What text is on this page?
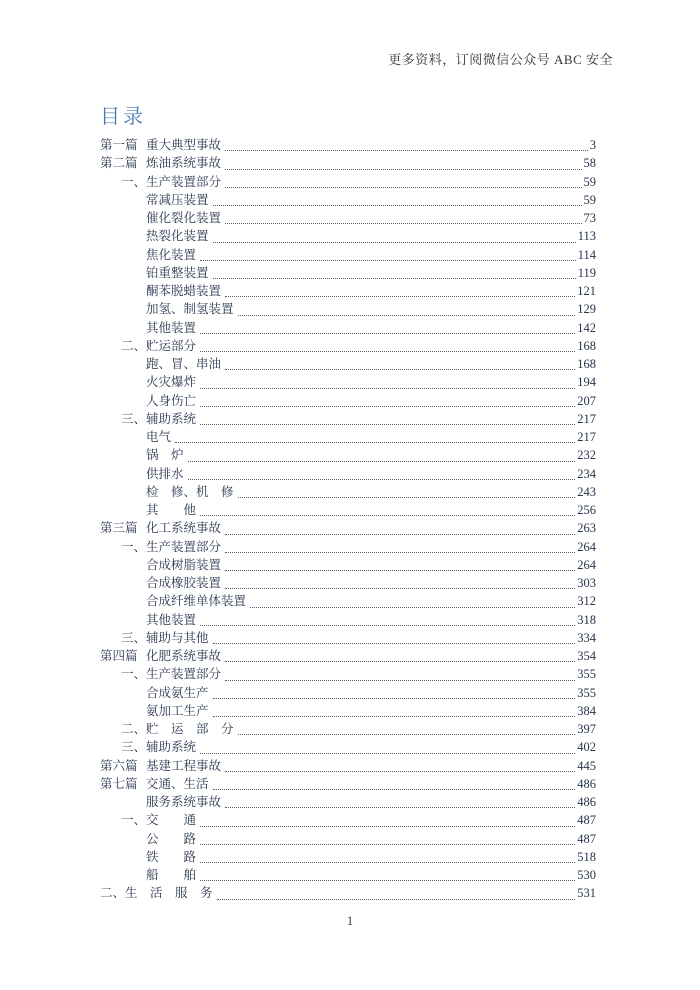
更多资料，订阅微信公众号 ABC 安全
目录
第一篇 重大典型事故	3
第二篇 炼油系统事故	58
一、 生产装置部分	59
常减压装置	59
催化裂化装置	73
热裂化装置	113
焦化装置	114
铂重整装置	119
酮苯脱蜡装置	121
加氢、制氢装置	129
其他装置	142
二、 贮运部分	168
跑、冒、串油	168
火灾爆炸	194
人身伤亡	207
三、 辅助系统	217
电气	217
锅　炉	232
供排水	234
检　修、机　修	243
其　　他	256
第三篇 化工系统事故	263
一、 生产装置部分	264
合成树脂装置	264
合成橡胶装置	303
合成纤维单体装置	312
其他装置	318
三、 辅助与其他	334
第四篇 化肥系统事故	354
一、 生产装置部分	355
合成氨生产	355
氨加工生产	384
二、 贮　运　部　分	397
三、 辅助系统	402
第六篇 基建工程事故	445
第七篇 交通、生活	486
服务系统事故	486
一、 交　　通	487
公　　路	487
铁　　路	518
船　　舶	530
二、 生　活　服　务	531
1
